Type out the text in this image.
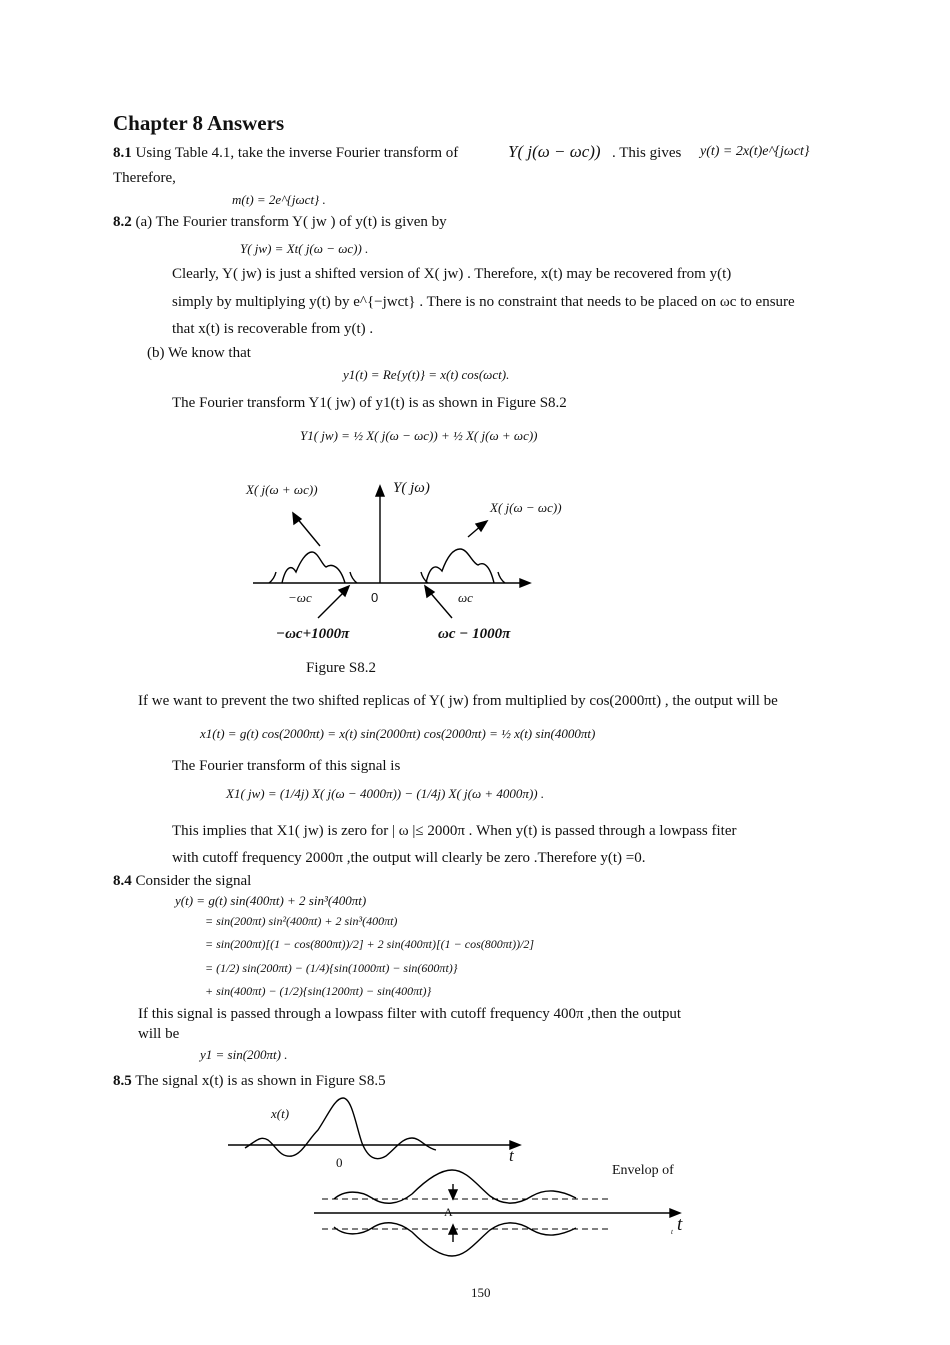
Chapter 8 Answers
8.1 Using Table 4.1, take the inverse Fourier transform of	Y( j(ω − ωc)) . This gives y(t) = 2x(t)e^{jωct}
Therefore,
m(t) = 2e^{jωct} .
8.2 (a) The Fourier transform Y( jw ) of y(t) is given by
Y( jw) = Xt( j(ω − ωc)) .
Clearly, Y( jw) is just a shifted version of X( jw) . Therefore, x(t) may be recovered from y(t)
simply by multiplying y(t) by e^{−jwct} . There is no constraint that needs to be placed on ωc to ensure
that x(t) is recoverable from y(t) .
(b) We know that
y1(t) = Re{y(t)} = x(t) cos(ωct).
The Fourier transform Y1( jw) of y1(t) is as shown in Figure S8.2
Y1( jw) = ½ X( j(ω − ωc)) + ½ X( j(ω + ωc))
X( j(ω + ωc))	Y( jω)
X( j(ω − ωc))
−ωc	0	ωc
−ωc+1000π	ωc − 1000π
Figure S8.2
If we want to prevent the two shifted replicas of Y( jw) from multiplied by cos(2000πt) , the output will be
x1(t) = g(t) cos(2000πt) = x(t) sin(2000πt) cos(2000πt) = ½ x(t) sin(4000πt)
The Fourier transform of this signal is
X1( jw) = (1/4j) X( j(ω − 4000π)) − (1/4j) X( j(ω + 4000π)) .
This implies that X1( jw) is zero for | ω |≤ 2000π . When y(t) is passed through a lowpass fiter
with cutoff frequency 2000π ,the output will clearly be zero .Therefore y(t) =0.
8.4 Consider the signal
y(t) = g(t) sin(400πt) + 2 sin³(400πt)
= sin(200πt) sin²(400πt) + 2 sin³(400πt)
= sin(200πt)[(1 − cos(800πt))/2] + 2 sin(400πt)[(1 − cos(800πt))/2]
= (1/2) sin(200πt) − (1/4){sin(1000πt) − sin(600πt)}
+ sin(400πt) − (1/2){sin(1200πt) − sin(400πt)}
If this signal is passed through a lowpass filter with cutoff frequency 400π ,then the output
will be
y1 = sin(200πt) .
8.5 The signal x(t) is as shown in Figure S8.5
x(t)
0	t
Envelop of
A
t
t
150
